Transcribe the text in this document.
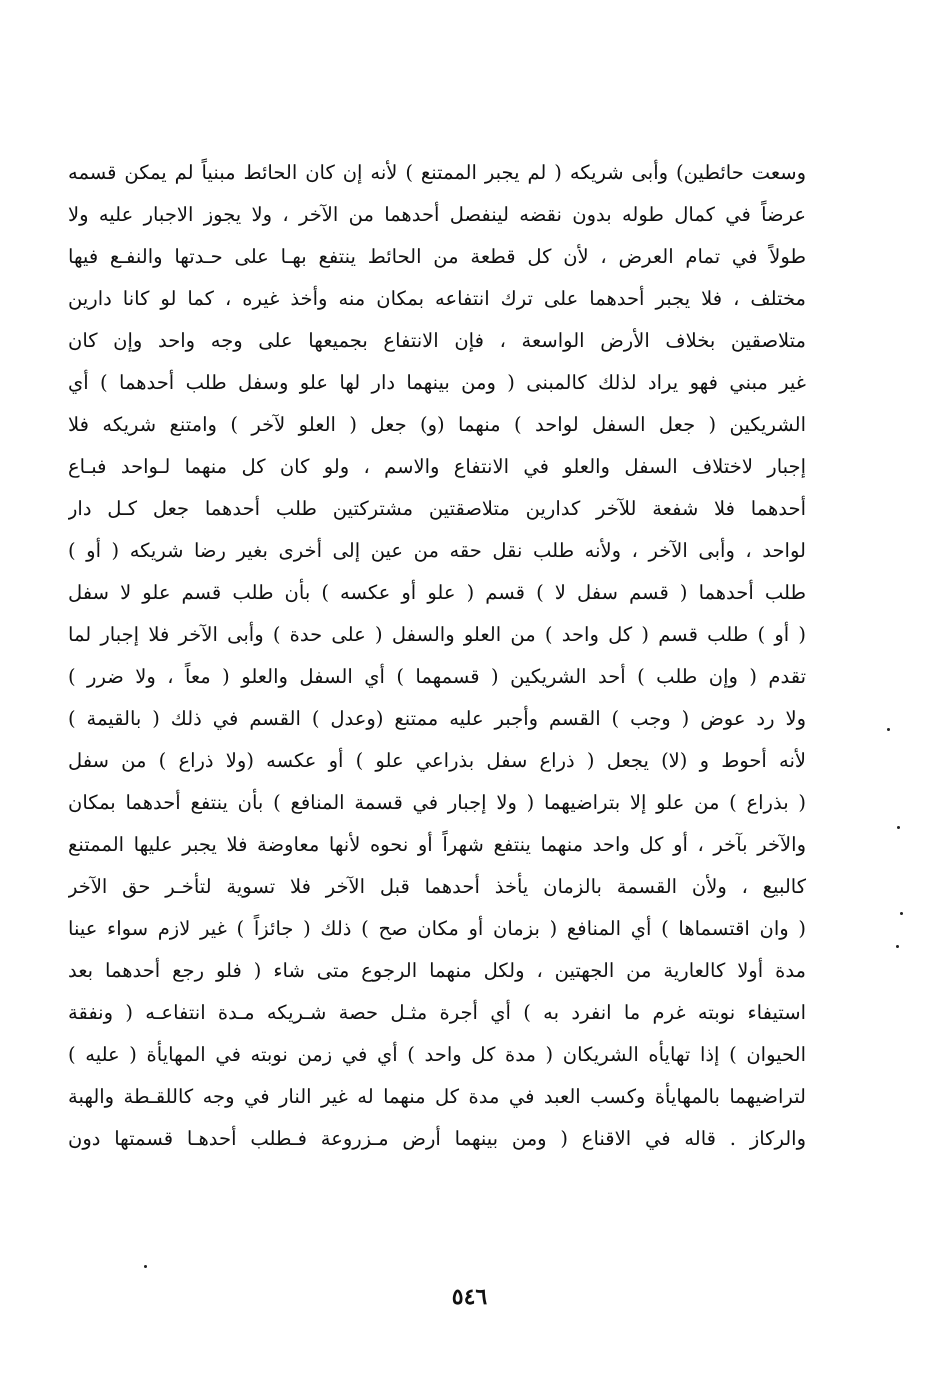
وسعت حائطين) وأبى شريكه ( لم يجبر الممتنع ) لأنه إن كان الحائط مبنياً لم يمكن قسمه
عرضاً في كمال طوله بدون نقضه لينفصل أحدهما من الآخر ، ولا يجوز الاجبار عليه ولا
طولاً في تمام العرض ، لأن كل قطعة من الحائط ينتفع بهـا على حـدتها والنفـع فيها
مختلف ، فلا يجبر أحدهما على ترك انتفاعه بمكان منه وأخذ غيره ، كما لو كانا دارين
متلاصقين بخلاف الأرض الواسعة ، فإن الانتفاع بجميعها على وجه واحد وإن كان
غير مبني فهو يراد لذلك كالمبنى ( ومن بينهما دار لها علو وسفل طلب أحدهما ) أي
الشريكين ( جعل السفل لواحد ) منهما (و) جعل ( العلو لآخر ) وامتنع شريكه فلا
إجبار لاختلاف السفل والعلو في الانتفاع والاسم ، ولو كان كل منهما لـواحد فبـاع
أحدهما فلا شفعة للآخر كدارين متلاصقتين مشتركتين طلب أحدهما جعل كـل دار
لواحد ، وأبى الآخر ، ولأنه طلب نقل حقه من عين إلى أخرى بغير رضا شريكه ( أو )
طلب أحدهما ( قسم سفل لا ) قسم ( علو أو عكسه ) بأن طلب قسم علو لا سفل
( أو ) طلب قسم ( كل واحد ) من العلو والسفل ( على حدة ) وأبى الآخر فلا إجبار لما
تقدم ( وإن طلب ) أحد الشريكين ( قسمهما ) أي السفل والعلو ( معاً ، ولا ضرر )
ولا رد عوض ( وجب ) القسم وأجبر عليه ممتنع (وعدل ) القسم في ذلك ( بالقيمة )
لأنه أحوط و (لا) يجعل ( ذراع سفل بذراعي علو ) أو عكسه (ولا ذراع ) من سفل
( بذراع ) من علو إلا بتراضيهما ( ولا إجبار في قسمة المنافع ) بأن ينتفع أحدهما بمكان
والآخر بآخر ، أو كل واحد منهما ينتفع شهراً أو نحوه لأنها معاوضة فلا يجبر عليها الممتنع
كالبيع ، ولأن القسمة بالزمان يأخذ أحدهما قبل الآخر فلا تسوية لتأخـر حق الآخر
( وان اقتسماها ) أي المنافع ( بزمان أو مكان صح ) ذلك ( جائزاً ) غير لازم سواء عينا
مدة أولا كالعارية من الجهتين ، ولكل منهما الرجوع متى شاء ( فلو رجع أحدهما بعد
استيفاء نوبته غرم ما انفرد به ) أي أجرة مثـل حصة شـريكه مـدة انتفاعـه ( ونفقة
الحيوان ) إذا تهايأه الشريكان ( مدة كل واحد ) أي في زمن نوبته في المهايأة ( عليه )
لتراضيهما بالمهايأة وكسب العبد في مدة كل منهما له غير النار في وجه كاللقـطة والهبة
والركاز . قاله في الاقناع ( ومن بينهما أرض مـزروعة فـطلب أحدهـا قسمتها دون
٥٤٦
